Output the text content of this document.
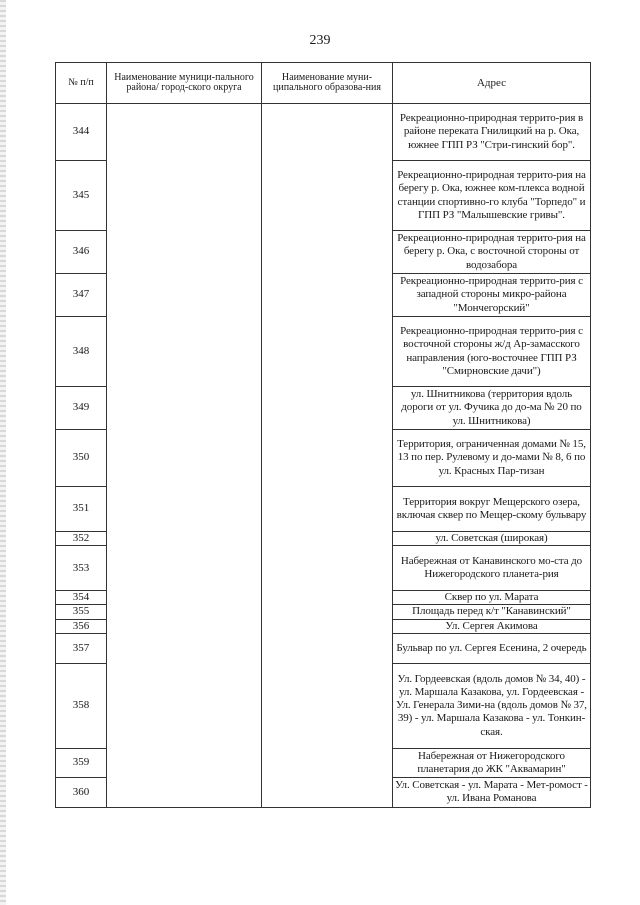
239
№ п/п	Наименование муници-пального района/ город-ского округа	Наименование муни-ципального образова-ния	Адрес
344			Рекреационно-природная террито-рия в районе переката Гнилицкий на р. Ока, южнее ГПП РЗ "Стри-гинский бор".
345			Рекреационно-природная террито-рия на берегу р. Ока, южнее ком-плекса водной станции спортивно-го клуба "Торпедо" и ГПП РЗ "Малышевские гривы".
346			Рекреационно-природная террито-рия на берегу р. Ока, с восточной стороны от водозабора
347			Рекреационно-природная террито-рия с западной стороны микро-района "Мончегорский"
348			Рекреационно-природная террито-рия с восточной стороны ж/д Ар-замасского направления (юго-восточнее ГПП РЗ "Смирновские дачи")
349			ул. Шнитникова (территория вдоль дороги от ул. Фучика до до-ма № 20 по ул. Шнитникова)
350			Территория, ограниченная домами № 15, 13 по пер. Рулевому и до-мами № 8, 6 по ул. Красных Пар-тизан
351			Территория вокруг Мещерского озера, включая сквер по Мещер-скому бульвару
352			ул. Советская (широкая)
353			Набережная от Канавинского мо-ста до Нижегородского планета-рия
354			Сквер по ул. Марата
355			Площадь перед к/т "Канавинский"
356			Ул. Сергея Акимова
357			Бульвар по ул. Сергея Есенина, 2 очередь
358			Ул. Гордеевская (вдоль домов № 34, 40) - ул. Маршала Казакова, ул. Гордеевская - Ул. Генерала Зими-на (вдоль домов № 37, 39) - ул. Маршала Казакова - ул. Тонкин-ская.
359			Набережная от Нижегородского планетария до ЖК "Аквамарин"
360			Ул. Советская - ул. Марата - Мет-ромост - ул. Ивана Романова
